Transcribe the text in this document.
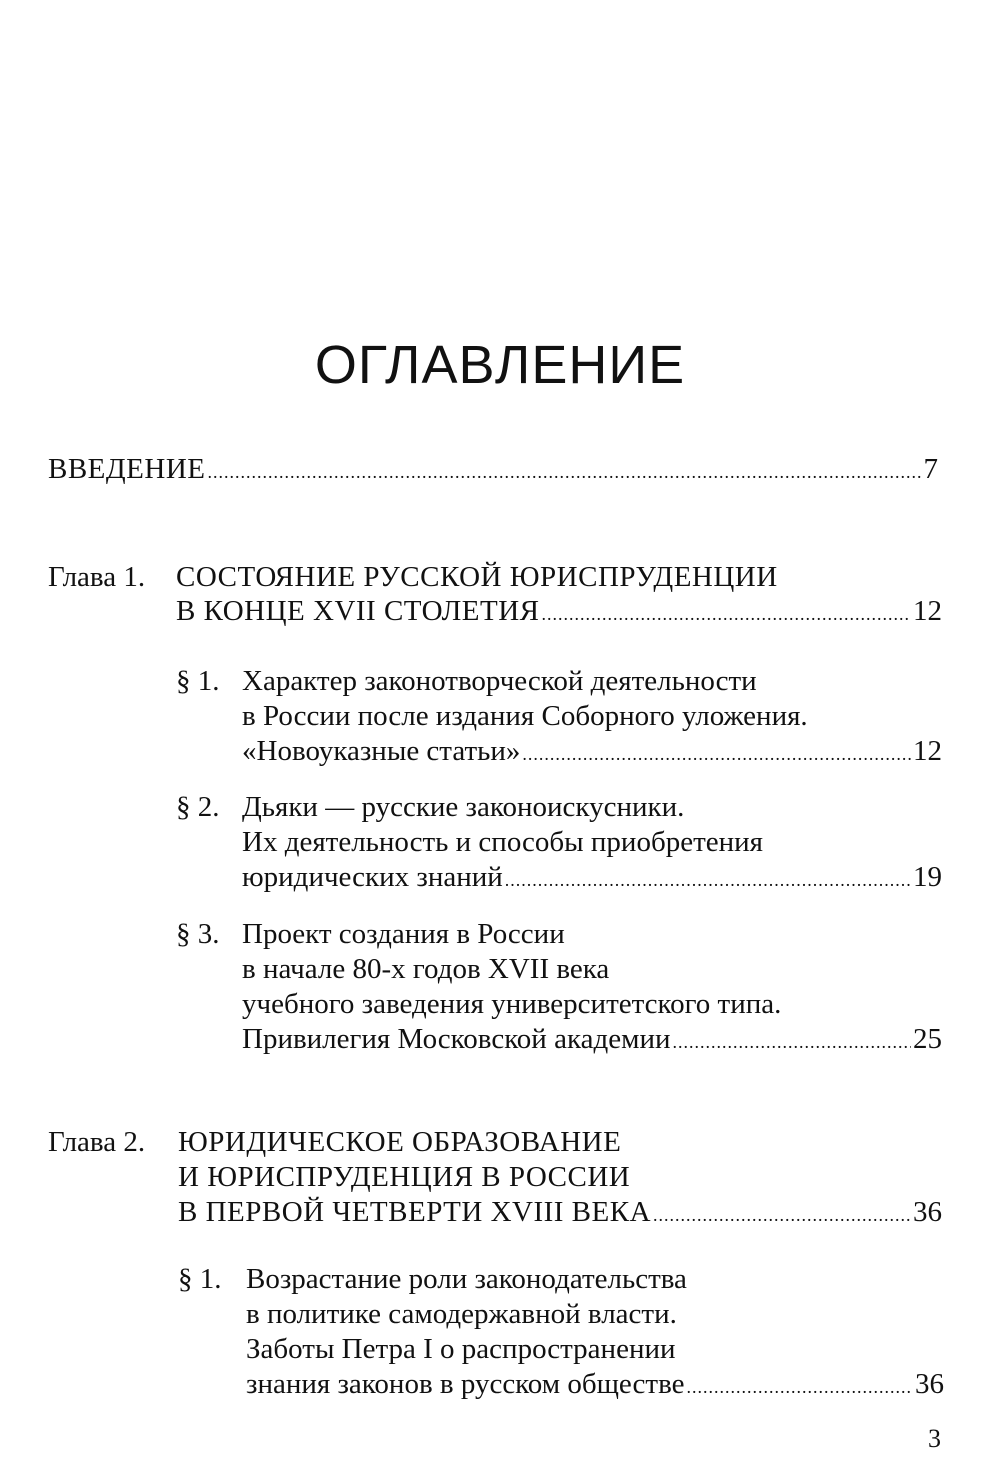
ОГЛАВЛЕНИЕ
ВВЕДЕНИЕ .....	7
Глава 1. СОСТОЯНИЕ РУССКОЙ ЮРИСПРУДЕНЦИИ
В КОНЦЕ XVII СТОЛЕТИЯ .....	12
§ 1. Характер законотворческой деятельности
в России после издания Соборного уложения.
«Новоуказные статьи» .....	12
§ 2. Дьяки — русские законоискусники.
Их деятельность и способы приобретения
юридических знаний .....	19
§ 3. Проект создания в России
в начале 80-х годов XVII века
учебного заведения университетского типа.
Привилегия Московской академии .....	25
Глава 2. ЮРИДИЧЕСКОЕ ОБРАЗОВАНИЕ
И ЮРИСПРУДЕНЦИЯ В РОССИИ
В ПЕРВОЙ ЧЕТВЕРТИ XVIII ВЕКА .....	36
§ 1. Возрастание роли законодательства
в политике самодержавной власти.
Заботы Петра I о распространении
знания законов в русском обществе .....	36
3
